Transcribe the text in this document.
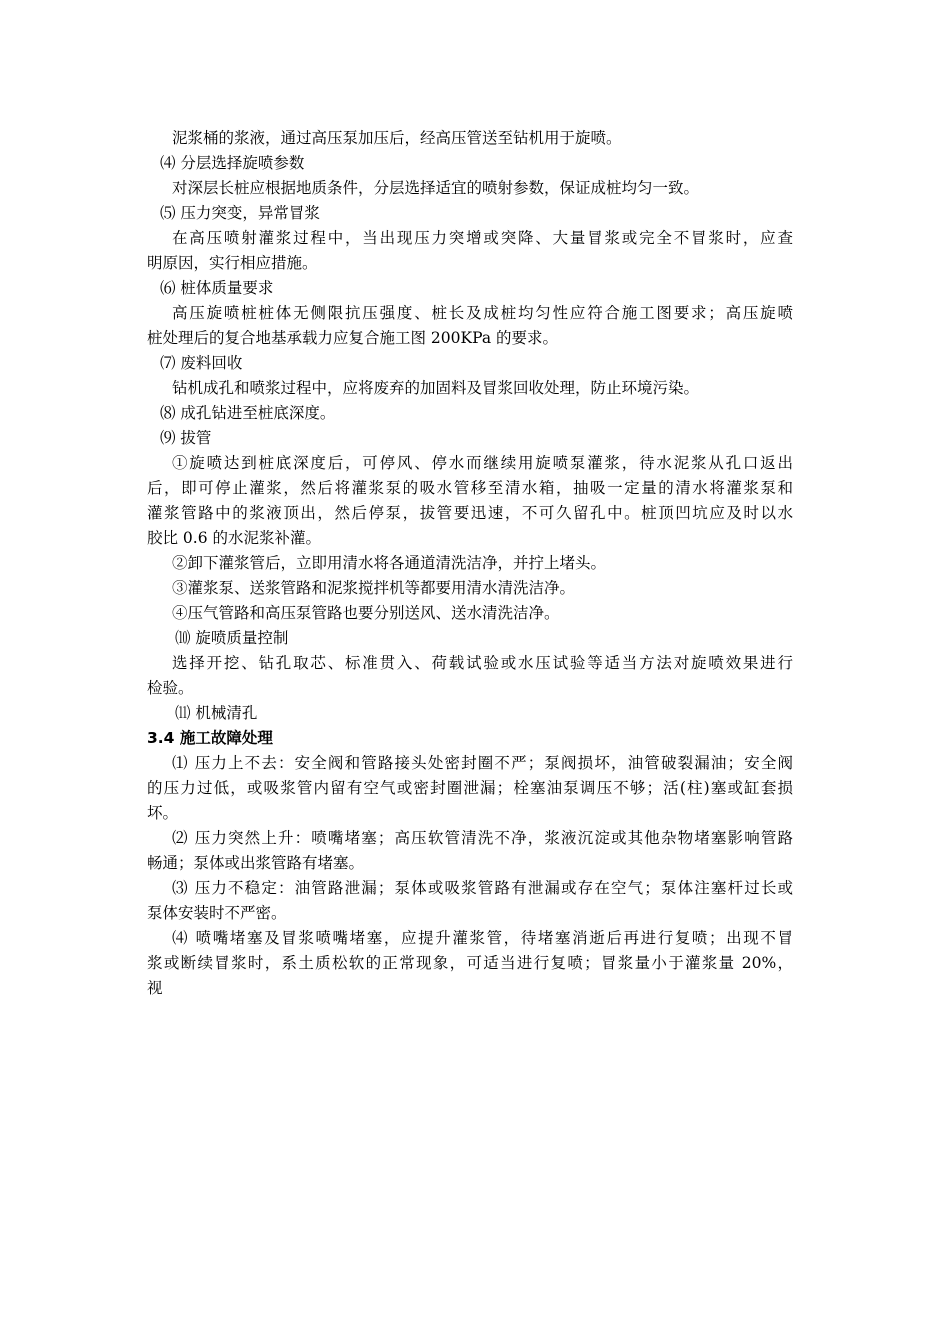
泥浆桶的浆液，通过高压泵加压后，经高压管送至钻机用于旋喷。
⑷ 分层选择旋喷参数
对深层长桩应根据地质条件，分层选择适宜的喷射参数，保证成桩均匀一致。
⑸ 压力突变，异常冒浆
在高压喷射灌浆过程中，当出现压力突增或突降、大量冒浆或完全不冒浆时，应查
明原因，实行相应措施。
⑹ 桩体质量要求
高压旋喷桩桩体无侧限抗压强度、桩长及成桩均匀性应符合施工图要求；高压旋喷
桩处理后的复合地基承载力应复合施工图 200KPa 的要求。
⑺ 废料回收
钻机成孔和喷浆过程中，应将废弃的加固料及冒浆回收处理，防止环境污染。
⑻ 成孔钻进至桩底深度。
⑼ 拔管
①旋喷达到桩底深度后，可停风、停水而继续用旋喷泵灌浆，待水泥浆从孔口返出
后，即可停止灌浆，然后将灌浆泵的吸水管移至清水箱，抽吸一定量的清水将灌浆泵和
灌浆管路中的浆液顶出，然后停泵，拔管要迅速，不可久留孔中。桩顶凹坑应及时以水
胶比 0.6 的水泥浆补灌。
②卸下灌浆管后，立即用清水将各通道清洗洁净，并拧上堵头。
③灌浆泵、送浆管路和泥浆搅拌机等都要用清水清洗洁净。
④压气管路和高压泵管路也要分别送风、送水清洗洁净。
⑽ 旋喷质量控制
选择开挖、钻孔取芯、标准贯入、荷载试验或水压试验等适当方法对旋喷效果进行
检验。
⑾ 机械清孔
3.4 施工故障处理
⑴ 压力上不去：安全阀和管路接头处密封圈不严；泵阀损坏，油管破裂漏油；安全阀
的压力过低，或吸浆管内留有空气或密封圈泄漏；栓塞油泵调压不够；活(柱)塞或缸套损
坏。
⑵ 压力突然上升：喷嘴堵塞；高压软管清洗不净，浆液沉淀或其他杂物堵塞影响管路
畅通；泵体或出浆管路有堵塞。
⑶ 压力不稳定：油管路泄漏；泵体或吸浆管路有泄漏或存在空气；泵体注塞杆过长或
泵体安装时不严密。
⑷ 喷嘴堵塞及冒浆喷嘴堵塞，应提升灌浆管，待堵塞消逝后再进行复喷；出现不冒
浆或断续冒浆时，系土质松软的正常现象，可适当进行复喷；冒浆量小于灌浆量 20%，
视
